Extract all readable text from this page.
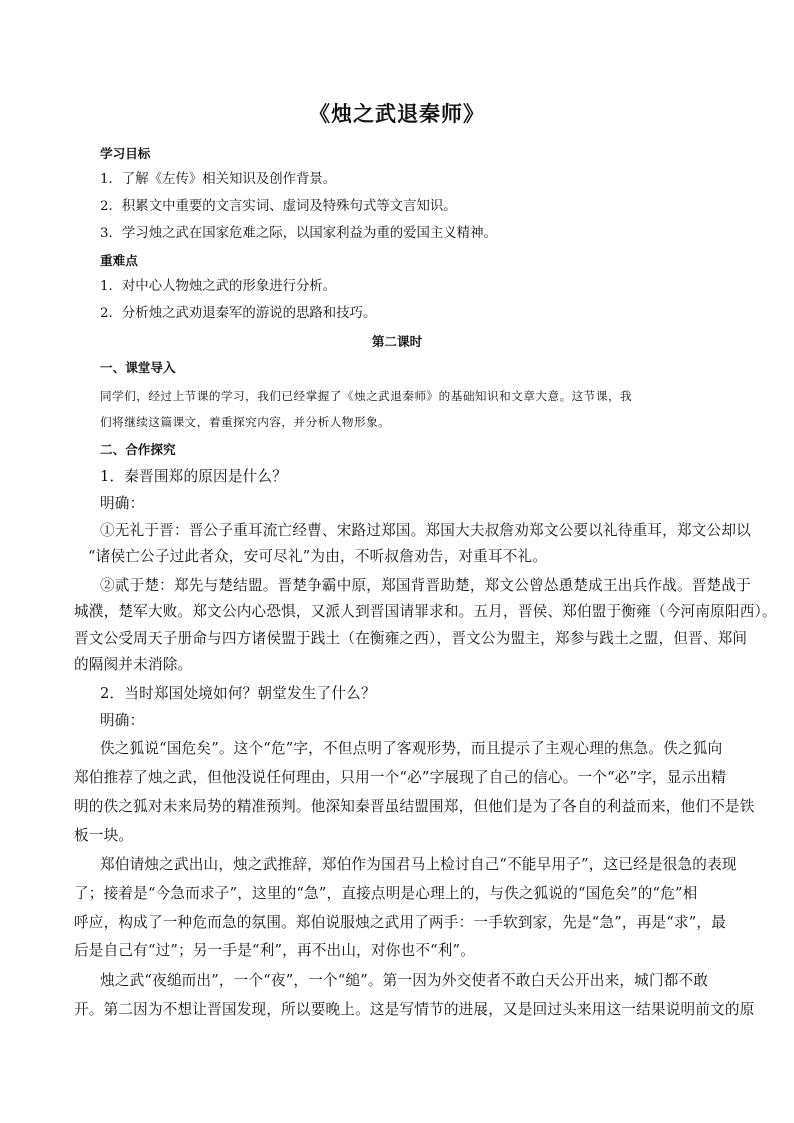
《烛之武退秦师》
学习目标
1．了解《左传》相关知识及创作背景。
2．积累文中重要的文言实词、虚词及特殊句式等文言知识。
3．学习烛之武在国家危难之际，以国家利益为重的爱国主义精神。
重难点
1．对中心人物烛之武的形象进行分析。
2．分析烛之武劝退秦军的游说的思路和技巧。
第二课时
一、课堂导入
同学们，经过上节课的学习，我们已经掌握了《烛之武退秦师》的基础知识和文章大意。这节课，我
们将继续这篇课文，着重探究内容，并分析人物形象。
二、合作探究
1．秦晋围郑的原因是什么？
明确：
①无礼于晋：晋公子重耳流亡经曹、宋路过郑国。郑国大夫叔詹劝郑文公要以礼待重耳，郑文公却以
“诸侯亡公子过此者众，安可尽礼”为由，不听叔詹劝告，对重耳不礼。
②贰于楚：郑先与楚结盟。晋楚争霸中原，郑国背晋助楚，郑文公曾怂恿楚成王出兵作战。晋楚战于
城濮，楚军大败。郑文公内心恐惧，又派人到晋国请罪求和。五月，晋侯、郑伯盟于衡雍（今河南原阳西）。
晋文公受周天子册命与四方诸侯盟于践土（在衡雍之西），晋文公为盟主，郑参与践土之盟，但晋、郑间
的隔阂并未消除。
2．当时郑国处境如何？朝堂发生了什么？
明确：
佚之狐说“国危矣”。这个“危”字，不但点明了客观形势，而且提示了主观心理的焦急。佚之狐向
郑伯推荐了烛之武，但他没说任何理由，只用一个“必”字展现了自己的信心。一个“必”字，显示出精
明的佚之狐对未来局势的精准预判。他深知秦晋虽结盟围郑，但他们是为了各自的利益而来，他们不是铁
板一块。
郑伯请烛之武出山，烛之武推辞，郑伯作为国君马上检讨自己“不能早用子”，这已经是很急的表现
了；接着是“今急而求子”，这里的“急”，直接点明是心理上的，与佚之狐说的“国危矣”的“危”相
呼应，构成了一种危而急的氛围。郑伯说服烛之武用了两手：一手软到家，先是“急”，再是“求”，最
后是自己有“过”；另一手是“利”，再不出山，对你也不“利”。
烛之武“夜缒而出”，一个“夜”，一个“缒”。第一因为外交使者不敢白天公开出来，城门都不敢
开。第二因为不想让晋国发现，所以要晚上。这是写情节的进展，又是回过头来用这一结果说明前文的原
